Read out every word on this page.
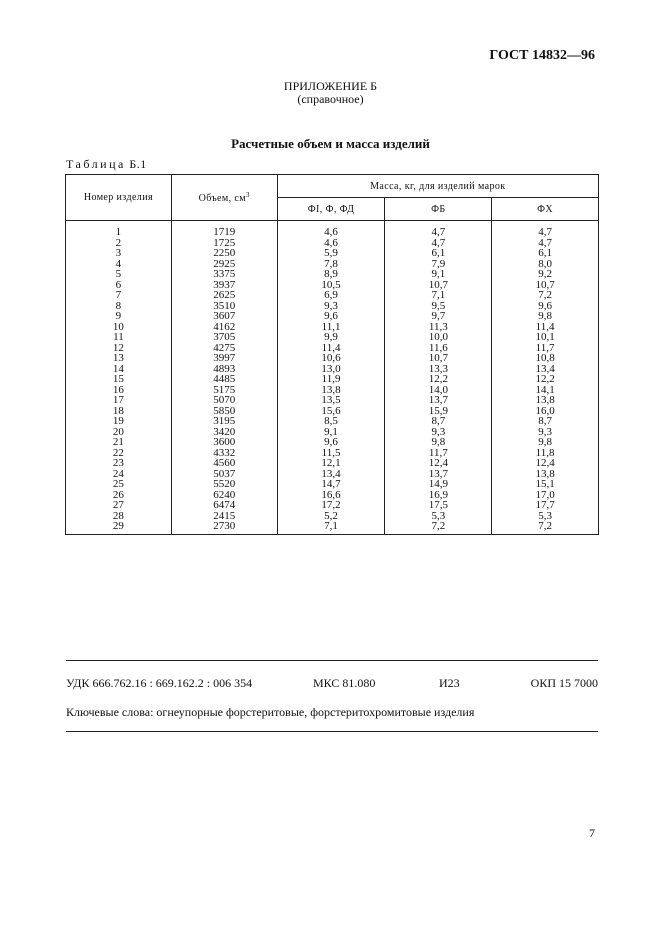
ГОСТ 14832—96
ПРИЛОЖЕНИЕ Б
(справочное)
Расчетные объем и масса изделий
Таблица Б.1
Номер изделия	Объем, $см^3$	Масса, кг, для изделий марок		
		ФI, Ф, ФД	ФБ	ФХ
1	1719	4,6	4,7	4,7
2	1725	4,6	4,7	4,7
3	2250	5,9	6,1	6,1
4	2925	7,8	7,9	8,0
5	3375	8,9	9,1	9,2
6	3937	10,5	10,7	10,7
7	2625	6,9	7,1	7,2
8	3510	9,3	9,5	9,6
9	3607	9,6	9,7	9,8
10	4162	11,1	11,3	11,4
11	3705	9,9	10,0	10,1
12	4275	11,4	11,6	11,7
13	3997	10,6	10,7	10,8
14	4893	13,0	13,3	13,4
15	4485	11,9	12,2	12,2
16	5175	13,8	14,0	14,1
17	5070	13,5	13,7	13,8
18	5850	15,6	15,9	16,0
19	3195	8,5	8,7	8,7
20	3420	9,1	9,3	9,3
21	3600	9,6	9,8	9,8
22	4332	11,5	11,7	11,8
23	4560	12,1	12,4	12,4
24	5037	13,4	13,7	13,8
25	5520	14,7	14,9	15,1
26	6240	16,6	16,9	17,0
27	6474	17,2	17,5	17,7
28	2415	5,2	5,3	5,3
29	2730	7,1	7,2	7,2
УДК 666.762.16 : 669.162.2 : 006 354	МКС 81.080	И23	ОКП 15 7000
Ключевые слова: огнеупорные форстеритовые, форстеритохромитовые изделия
7
